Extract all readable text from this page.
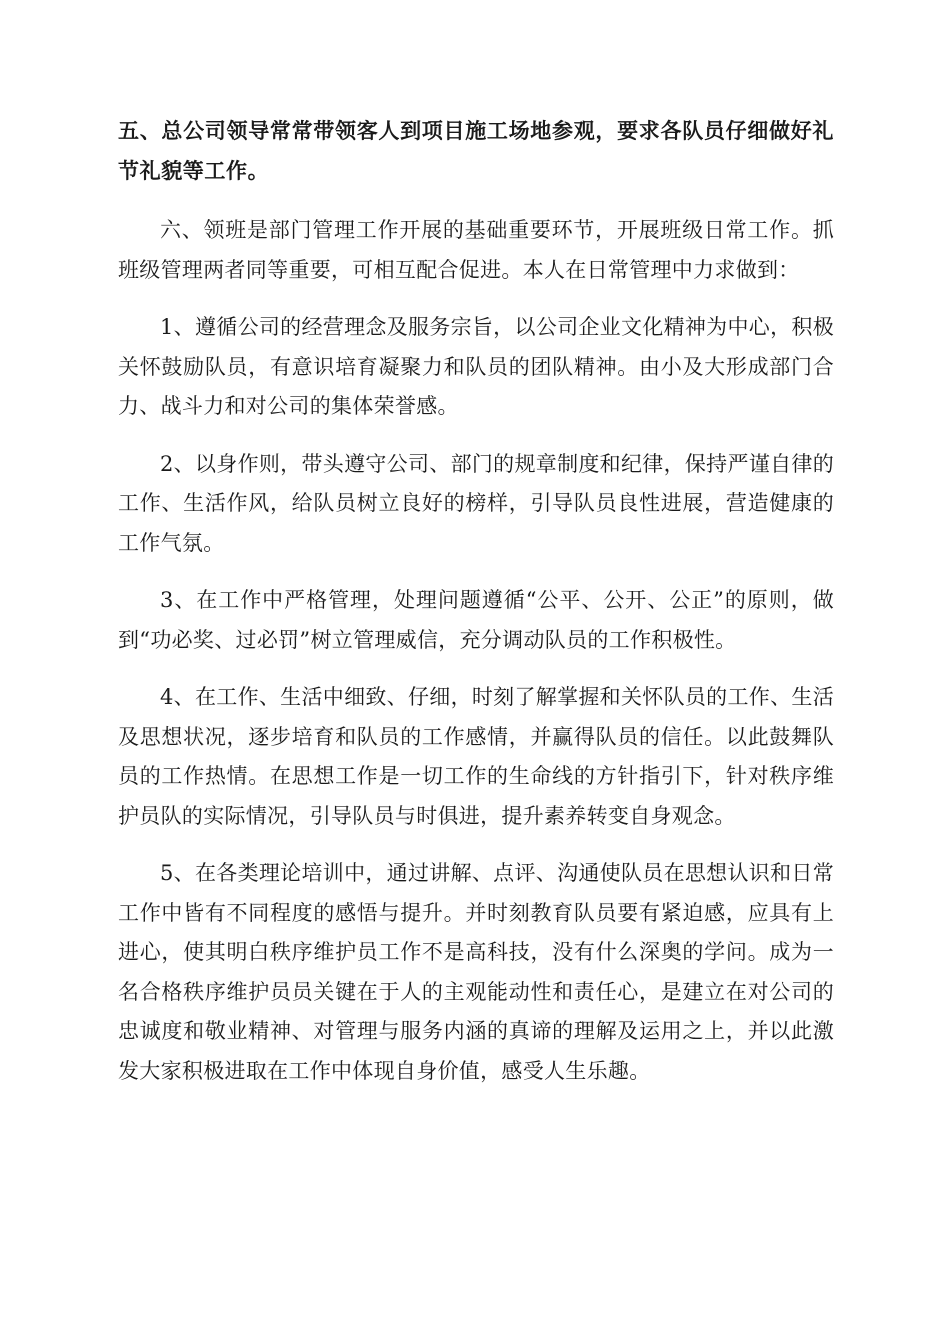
五、总公司领导常常带领客人到项目施工场地参观，要求各队员仔细做好礼节礼貌等工作。

六、领班是部门管理工作开展的基础重要环节，开展班级日常工作。抓班级管理两者同等重要，可相互配合促进。本人在日常管理中力求做到：

1、遵循公司的经营理念及服务宗旨，以公司企业文化精神为中心，积极关怀鼓励队员，有意识培育凝聚力和队员的团队精神。由小及大形成部门合力、战斗力和对公司的集体荣誉感。

2、以身作则，带头遵守公司、部门的规章制度和纪律，保持严谨自律的工作、生活作风，给队员树立良好的榜样，引导队员良性进展，营造健康的工作气氛。

3、在工作中严格管理，处理问题遵循“公平、公开、公正”的原则，做到“功必奖、过必罚”树立管理威信，充分调动队员的工作积极性。

4、在工作、生活中细致、仔细，时刻了解掌握和关怀队员的工作、生活及思想状况，逐步培育和队员的工作感情，并赢得队员的信任。以此鼓舞队员的工作热情。在思想工作是一切工作的生命线的方针指引下，针对秩序维护员队的实际情况，引导队员与时俱进，提升素养转变自身观念。

5、在各类理论培训中，通过讲解、点评、沟通使队员在思想认识和日常工作中皆有不同程度的感悟与提升。并时刻教育队员要有紧迫感，应具有上进心，使其明白秩序维护员工作不是高科技，没有什么深奥的学问。成为一名合格秩序维护员员关键在于人的主观能动性和责任心，是建立在对公司的忠诚度和敬业精神、对管理与服务内涵的真谛的理解及运用之上，并以此激发大家积极进取在工作中体现自身价值，感受人生乐趣。
